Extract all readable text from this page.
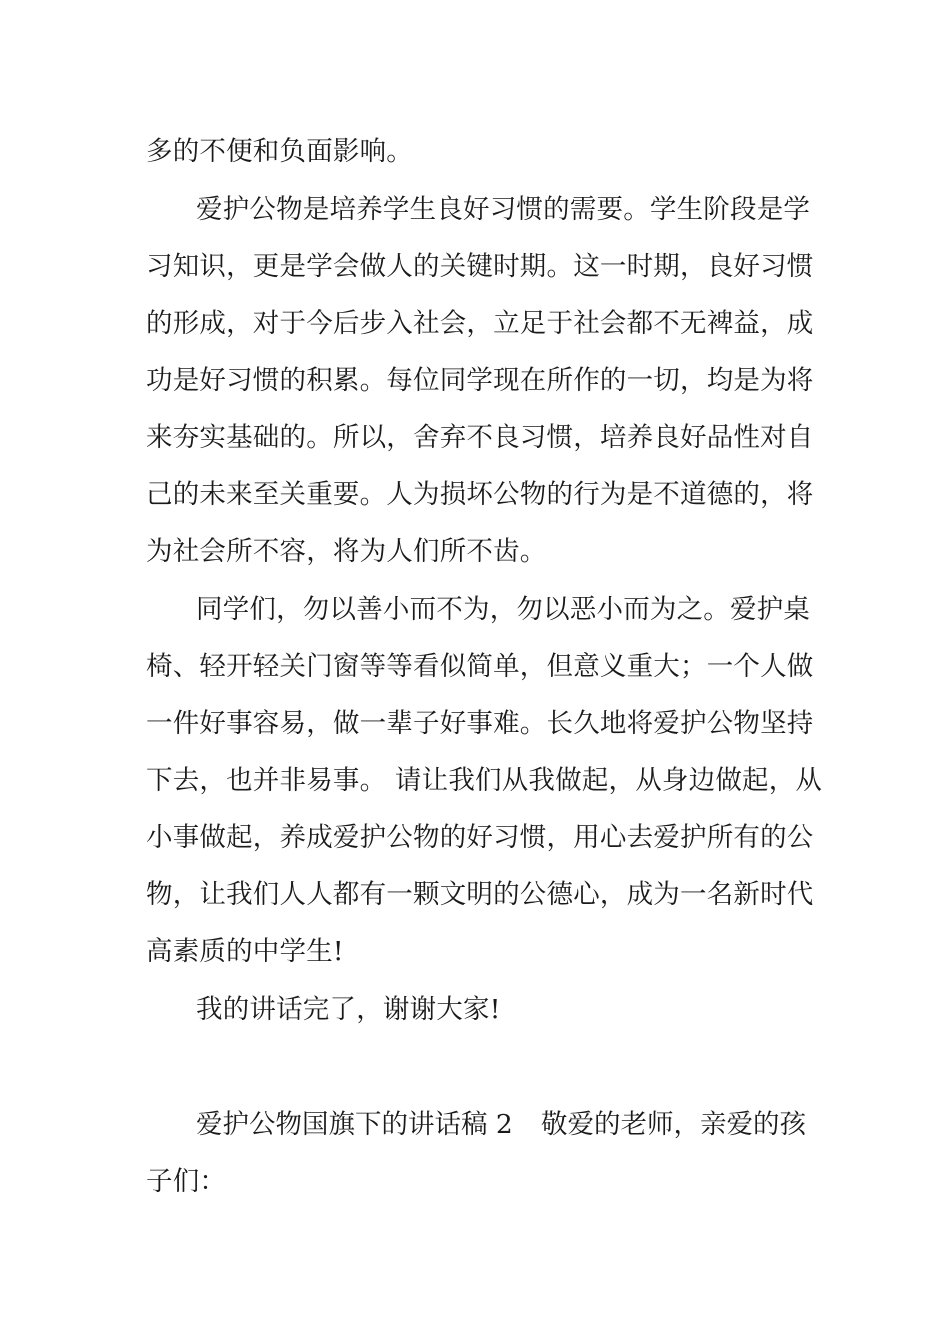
多的不便和负面影响。
爱护公物是培养学生良好习惯的需要。学生阶段是学
习知识，更是学会做人的关键时期。这一时期，良好习惯
的形成，对于今后步入社会，立足于社会都不无裨益，成
功是好习惯的积累。每位同学现在所作的一切，均是为将
来夯实基础的。所以，舍弃不良习惯，培养良好品性对自
己的未来至关重要。人为损坏公物的行为是不道德的，将
为社会所不容，将为人们所不齿。
同学们，勿以善小而不为，勿以恶小而为之。爱护桌
椅、轻开轻关门窗等等看似简单，但意义重大；一个人做
一件好事容易，做一辈子好事难。长久地将爱护公物坚持
下去，也并非易事。 请让我们从我做起，从身边做起，从
小事做起，养成爱护公物的好习惯，用心去爱护所有的公
物，让我们人人都有一颗文明的公德心，成为一名新时代
高素质的中学生!
我的讲话完了，谢谢大家!
爱护公物国旗下的讲话稿 2 敬爱的老师，亲爱的孩
子们：
